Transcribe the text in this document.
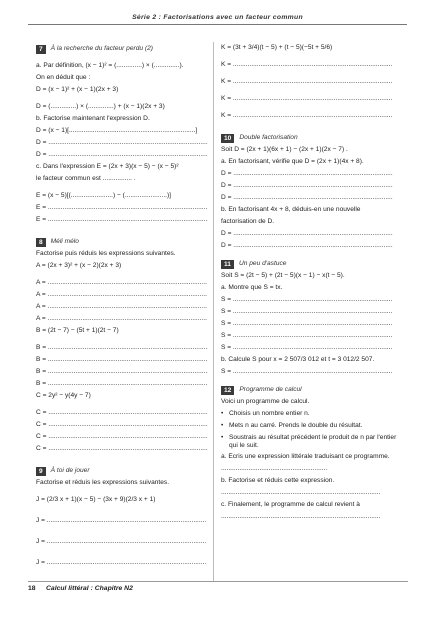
Série 2 : Factorisations avec un facteur commun
7	À la recherche du facteur perdu (2)
a. Par définition, (x − 1)² = (..............) × (..............).
On en déduit que :
D = (x − 1)² + (x − 1)(2x + 3)
D = (..............) × (..............) + (x − 1)(2x + 3)
b. Factorise maintenant l'expression D.
D = (x − 1)[.....................................................................]
D = .......................................................................................
D = .......................................................................................
c. Dans l'expression E = (2x + 3)(x − 5) − (x − 5)²
le facteur commun est ................ .
E = (x − 5)[(.......................) − (.......................)]
E = .......................................................................................
E = .......................................................................................
8	Méli mélo
Factorise puis réduis les expressions suivantes.
A = (2x + 3)² + (x − 2)(2x + 3)
A = .......................................................................................
A = .......................................................................................
A = .......................................................................................
A = .......................................................................................
B = (2t − 7) − (5t + 1)(2t − 7)
B = .......................................................................................
B = .......................................................................................
B = .......................................................................................
B = .......................................................................................
C = 2y² − y(4y − 7)
C = .......................................................................................
C = .......................................................................................
C = .......................................................................................
C = .......................................................................................
9	À toi de jouer
Factorise et réduis les expressions suivantes.
J = (2/3 x + 1)(x − 5) − (3x + 9)(2/3 x + 1)
J = .......................................................................................
J = .......................................................................................
J = .......................................................................................
K = (3t + 3/4)(t − 5) + (t − 5)(−5t + 5/6)
K = .......................................................................................
K = .......................................................................................
K = .......................................................................................
K = .......................................................................................
10	Double factorisation
Soit D = (2x + 1)(6x + 1) − (2x + 1)(2x − 7) .
a. En factorisant, vérifie que D = (2x + 1)(4x + 8).
D = .......................................................................................
D = .......................................................................................
D = .......................................................................................
b. En factorisant 4x + 8, déduis-en une nouvelle
factorisation de D.
D = .......................................................................................
D = .......................................................................................
11	Un peu d'astuce
Soit S = (2t − 5) + (2t − 5)(x − 1) − x(t − 5).
a. Montre que S = tx.
S = .......................................................................................
S = .......................................................................................
S = .......................................................................................
S = .......................................................................................
S = .......................................................................................
b. Calcule S pour x = 2 507/3 012 et t = 3 012/2 507.
S = .......................................................................................
12	Programme de calcul
Voici un programme de calcul.
• Choisis un nombre entier n.
• Mets n au carré. Prends le double du résultat.
• Soustrais au résultat précédent le produit de n par l'entier qui le suit.
a. Écris une expression littérale traduisant ce programme.
..........................................................
b. Factorise et réduis cette expression.
.......................................................................................
c. Finalement, le programme de calcul revient à
.......................................................................................
18 Calcul littéral : Chapitre N2
